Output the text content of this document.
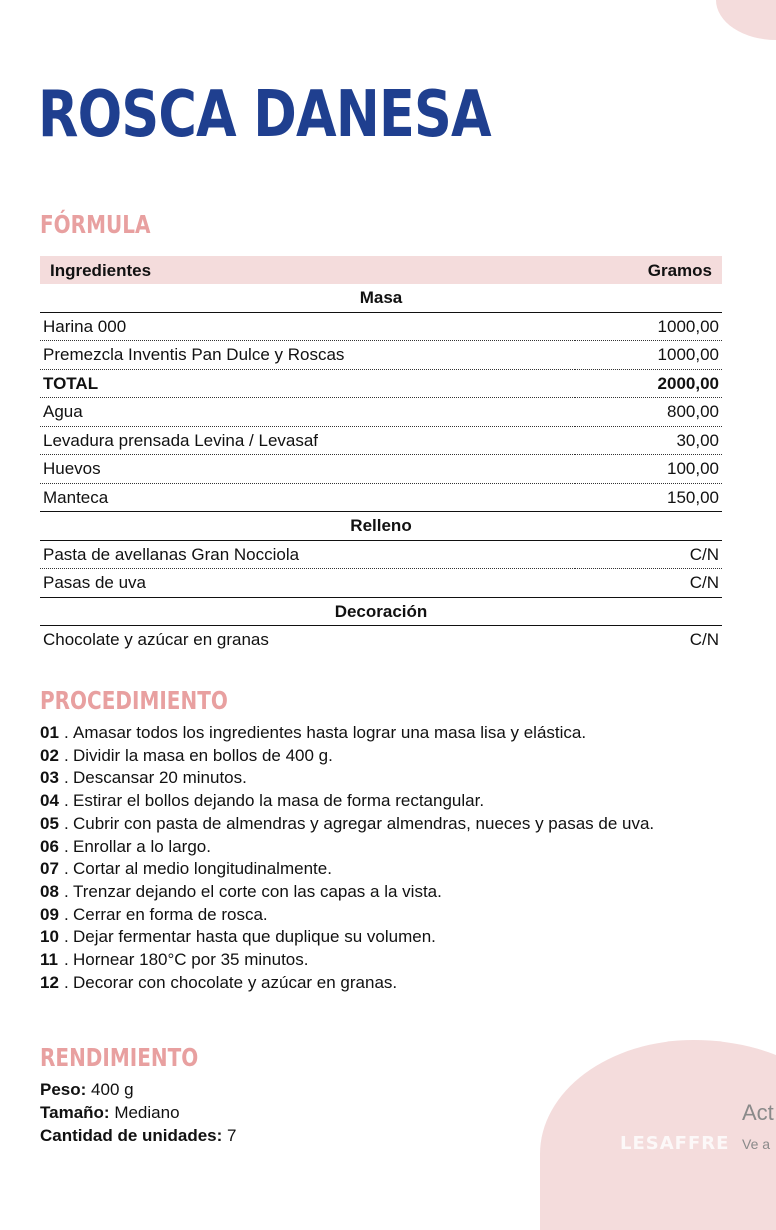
ROSCA DANESA
FÓRMULA
Ingredientes	Gramos
Masa	
Harina 000	1000,00
Premezcla Inventis Pan Dulce y Roscas	1000,00
TOTAL	2000,00
Agua	800,00
Levadura prensada Levina / Levasaf	30,00
Huevos	100,00
Manteca	150,00
Relleno	
Pasta de avellanas Gran Nocciola	C/N
Pasas de uva	C/N
Decoración	
Chocolate y azúcar en granas	C/N
PROCEDIMIENTO
01 . Amasar todos los ingredientes hasta lograr una masa lisa y elástica.
02 . Dividir la masa en bollos de 400 g.
03 . Descansar 20 minutos.
04 . Estirar el bollos dejando la masa de forma rectangular.
05 . Cubrir con pasta de almendras y agregar almendras, nueces y pasas de uva.
06 . Enrollar a lo largo.
07 . Cortar al medio longitudinalmente.
08 . Trenzar dejando el corte con las capas a la vista.
09 . Cerrar en forma de rosca.
10 . Dejar fermentar hasta que duplique su volumen.
11 . Hornear 180°C por 35 minutos.
12 . Decorar con chocolate y azúcar en granas.
RENDIMIENTO
Peso: 400 g
Tamaño: Mediano
Cantidad de unidades: 7	LESAFFRE
Act
Ve a
